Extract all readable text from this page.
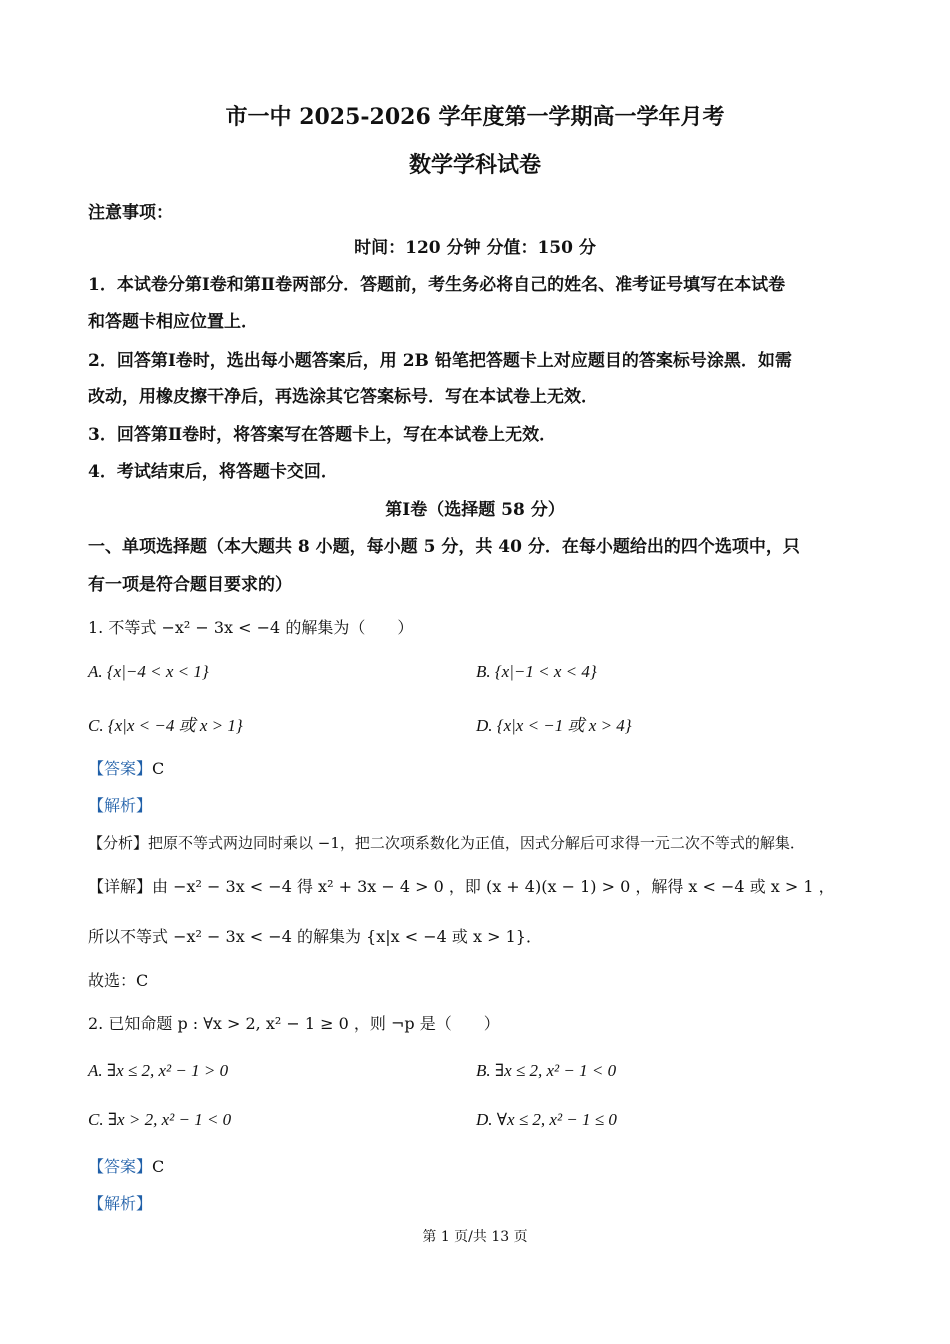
市一中 2025-2026 学年度第一学期高一学年月考
数学学科试卷
注意事项：
时间：120 分钟 分值：150 分
1．本试卷分第Ⅰ卷和第Ⅱ卷两部分．答题前，考生务必将自己的姓名、准考证号填写在本试卷
和答题卡相应位置上．
2．回答第Ⅰ卷时，选出每小题答案后，用 2B 铅笔把答题卡上对应题目的答案标号涂黑．如需
改动，用橡皮擦干净后，再选涂其它答案标号．写在本试卷上无效．
3．回答第Ⅱ卷时，将答案写在答题卡上，写在本试卷上无效．
4．考试结束后，将答题卡交回．
第Ⅰ卷（选择题 58 分）
一、单项选择题（本大题共 8 小题，每小题 5 分，共 40 分．在每小题给出的四个选项中，只
有一项是符合题目要求的）
1. 不等式 −x² − 3x < −4 的解集为（　　）
A. {x|−4 < x < 1}	B. {x|−1 < x < 4}
C. {x|x < −4 或 x > 1}	D. {x|x < −1 或 x > 4}
【答案】C
【解析】
【分析】把原不等式两边同时乘以 −1，把二次项系数化为正值，因式分解后可求得一元二次不等式的解集．
【详解】由 −x² − 3x < −4 得 x² + 3x − 4 > 0 ，即 (x + 4)(x − 1) > 0 ，解得 x < −4 或 x > 1 ，
所以不等式 −x² − 3x < −4 的解集为 {x|x < −4 或 x > 1}．
故选：C
2. 已知命题 p : ∀x > 2, x² − 1 ≥ 0 ，则 ¬p 是（　　）
A. ∃x ≤ 2, x² − 1 > 0	B. ∃x ≤ 2, x² − 1 < 0
C. ∃x > 2, x² − 1 < 0	D. ∀x ≤ 2, x² − 1 ≤ 0
【答案】C
【解析】
第 1 页/共 13 页
